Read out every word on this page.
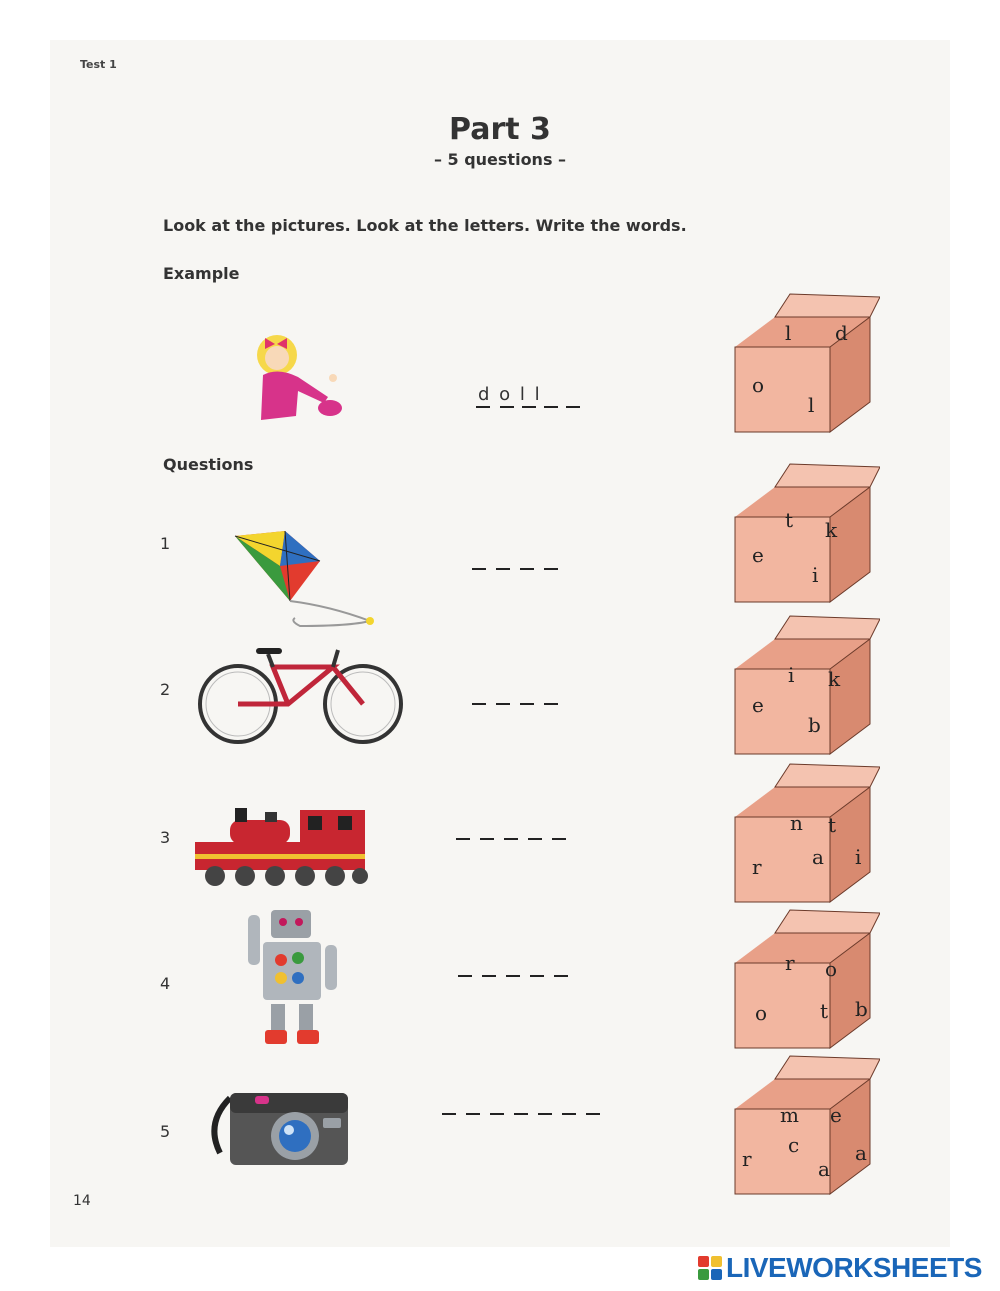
Test 1
Part 3
– 5 questions –
Look at the pictures. Look at the letters. Write the words.
Example
Questions
d o l l
l d
o
l
1
t k
e
i
2
i k
e
b
3
n t
r	a i
4
r o
o	t b
5
m e
c
r	a
a
14
LIVEWORKSHEETS
